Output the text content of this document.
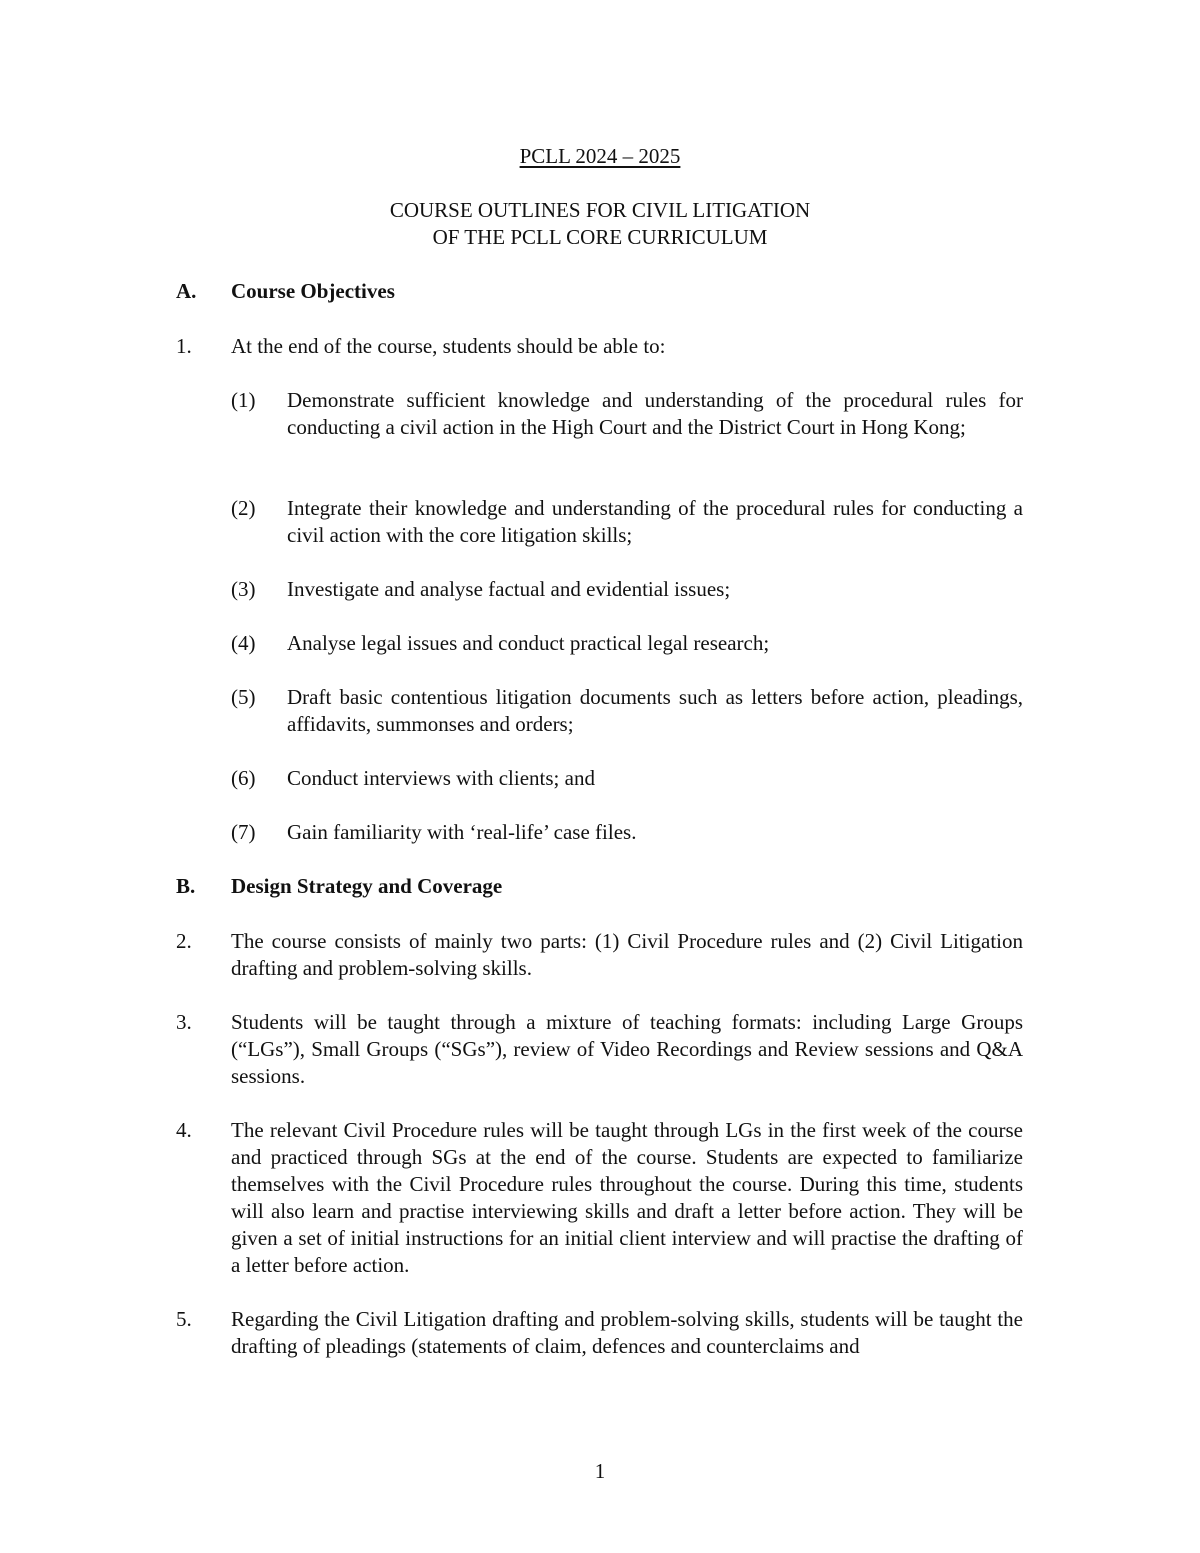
PCLL 2024 – 2025

COURSE OUTLINES FOR CIVIL LITIGATION
OF THE PCLL CORE CURRICULUM

A. Course Objectives
1. At the end of the course, students should be able to:
(1) Demonstrate sufficient knowledge and understanding of the procedural rules for conducting a civil action in the High Court and the District Court in Hong Kong;
(2) Integrate their knowledge and understanding of the procedural rules for conducting a civil action with the core litigation skills;
(3) Investigate and analyse factual and evidential issues;
(4) Analyse legal issues and conduct practical legal research;
(5) Draft basic contentious litigation documents such as letters before action, pleadings, affidavits, summonses and orders;
(6) Conduct interviews with clients; and
(7) Gain familiarity with ‘real-life’ case files.
B. Design Strategy and Coverage
2. The course consists of mainly two parts: (1) Civil Procedure rules and (2) Civil Litigation drafting and problem-solving skills.
3. Students will be taught through a mixture of teaching formats: including Large Groups (“LGs”), Small Groups (“SGs”), review of Video Recordings and Review sessions and Q&A sessions.
4. The relevant Civil Procedure rules will be taught through LGs in the first week of the course and practiced through SGs at the end of the course. Students are expected to familiarize themselves with the Civil Procedure rules throughout the course. During this time, students will also learn and practise interviewing skills and draft a letter before action. They will be given a set of initial instructions for an initial client interview and will practise the drafting of a letter before action.
5. Regarding the Civil Litigation drafting and problem-solving skills, students will be taught the drafting of pleadings (statements of claim, defences and counterclaims and
1
